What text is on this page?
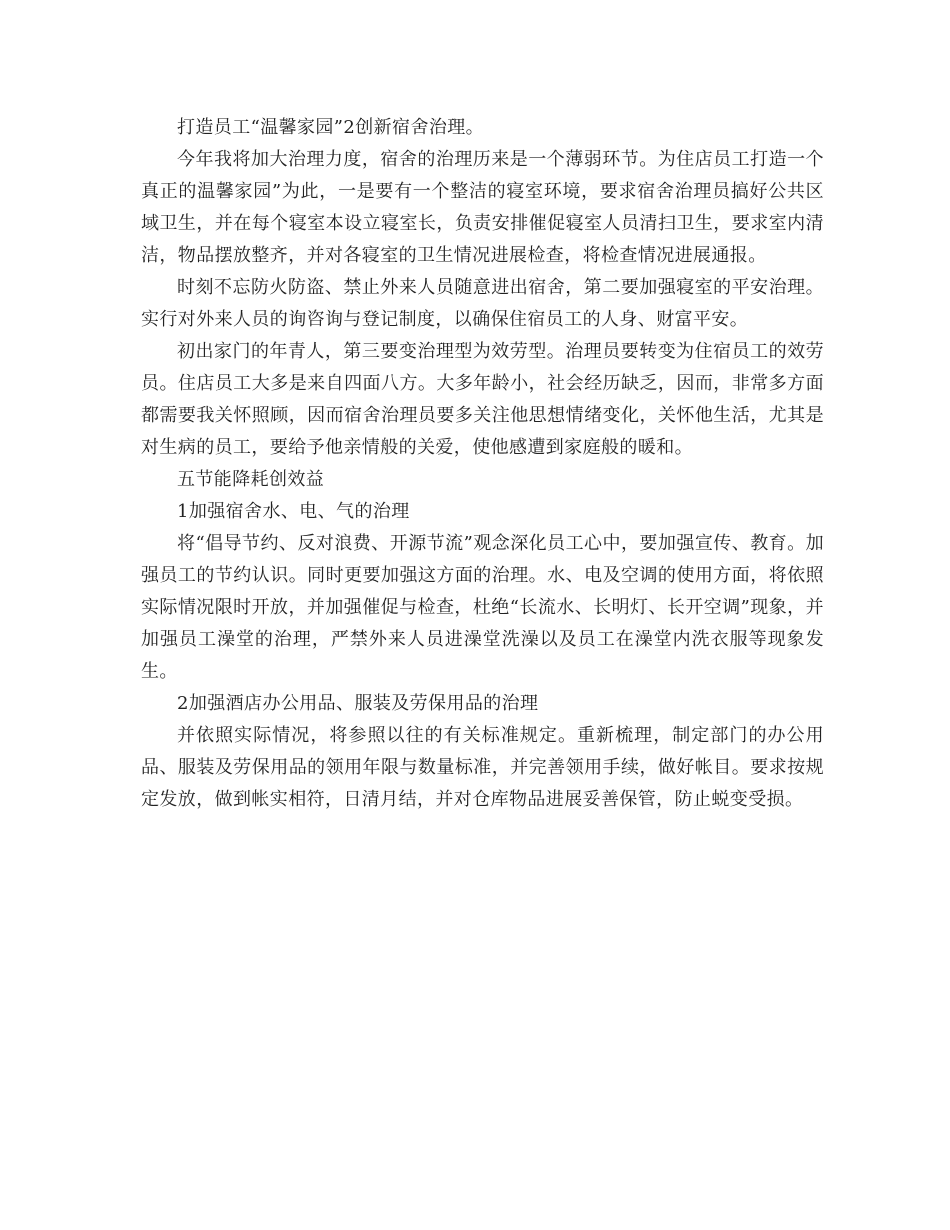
打造员工“温馨家园”2创新宿舍治理。

今年我将加大治理力度，宿舍的治理历来是一个薄弱环节。为住店员工打造一个真正的温馨家园”为此，一是要有一个整洁的寝室环境，要求宿舍治理员搞好公共区域卫生，并在每个寝室本设立寝室长，负责安排催促寝室人员清扫卫生，要求室内清洁，物品摆放整齐，并对各寝室的卫生情况进展检查，将检查情况进展通报。

时刻不忘防火防盗、禁止外来人员随意进出宿舍，第二要加强寝室的平安治理。实行对外来人员的询咨询与登记制度，以确保住宿员工的人身、财富平安。

初出家门的年青人，第三要变治理型为效劳型。治理员要转变为住宿员工的效劳员。住店员工大多是来自四面八方。大多年龄小，社会经历缺乏，因而，非常多方面都需要我关怀照顾，因而宿舍治理员要多关注他思想情绪变化，关怀他生活，尤其是对生病的员工，要给予他亲情般的关爱，使他感遭到家庭般的暖和。

五节能降耗创效益

1加强宿舍水、电、气的治理

将“倡导节约、反对浪费、开源节流”观念深化员工心中，要加强宣传、教育。加强员工的节约认识。同时更要加强这方面的治理。水、电及空调的使用方面，将依照实际情况限时开放，并加强催促与检查，杜绝“长流水、长明灯、长开空调”现象，并加强员工澡堂的治理，严禁外来人员进澡堂洗澡以及员工在澡堂内洗衣服等现象发生。

2加强酒店办公用品、服装及劳保用品的治理

并依照实际情况，将参照以往的有关标准规定。重新梳理，制定部门的办公用品、服装及劳保用品的领用年限与数量标准，并完善领用手续，做好帐目。要求按规定发放，做到帐实相符，日清月结，并对仓库物品进展妥善保管，防止蜕变受损。
